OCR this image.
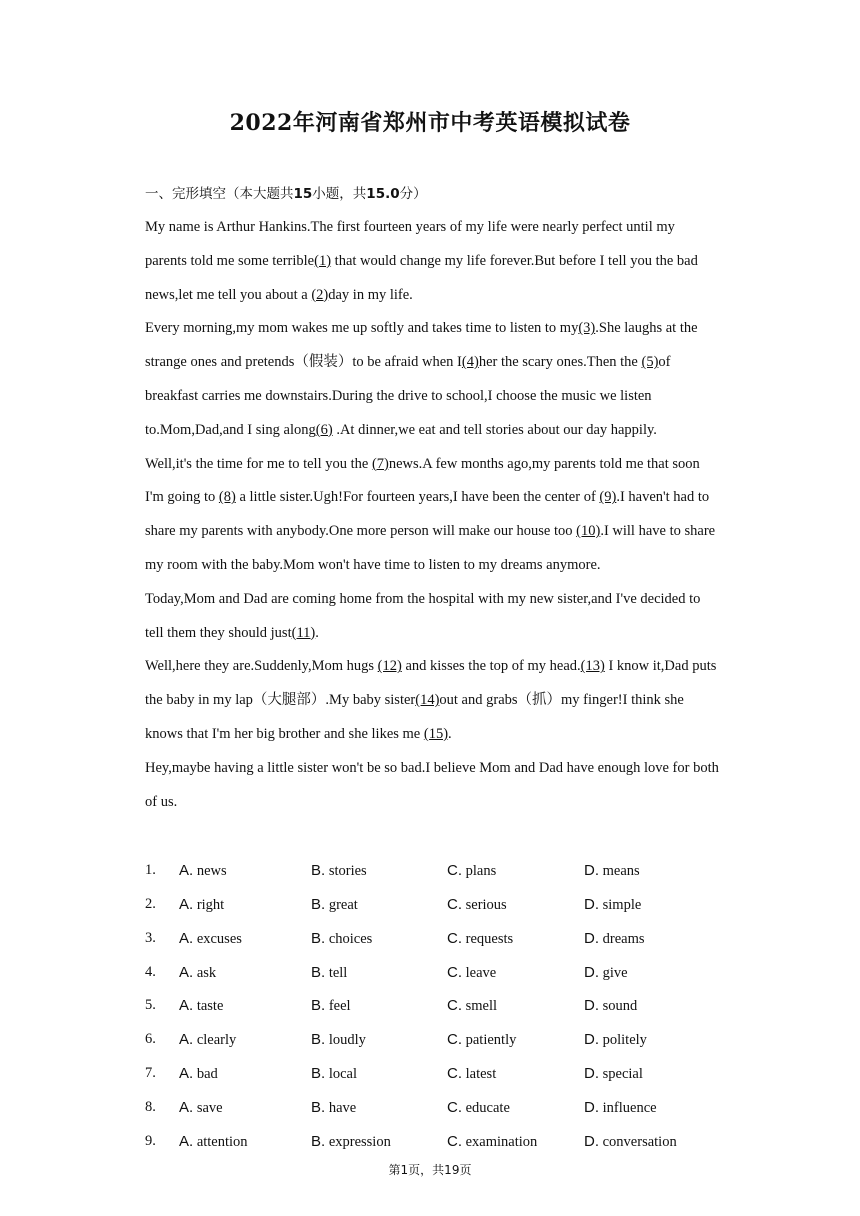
2022年河南省郑州市中考英语模拟试卷
一、完形填空（本大题共15小题，共15.0分）

My name is Arthur Hankins.The first fourteen years of my life were nearly perfect until my parents told me some terrible(1) that would change my life forever.But before I tell you the bad news,let me tell you about a (2)day in my life.

Every morning,my mom wakes me up softly and takes time to listen to my(3).She laughs at the strange ones and pretends（假装）to be afraid when I(4)her the scary ones.Then the (5)of breakfast carries me downstairs.During the drive to school,I choose the music we listen to.Mom,Dad,and I sing along(6) .At dinner,we eat and tell stories about our day happily.

Well,it's the time for me to tell you the (7)news.A few months ago,my parents told me that soon I'm going to (8) a little sister.Ugh!For fourteen years,I have been the center of (9).I haven't had to share my parents with anybody.One more person will make our house too (10).I will have to share my room with the baby.Mom won't have time to listen to my dreams anymore.

Today,Mom and Dad are coming home from the hospital with my new sister,and I've decided to tell them they should just(11).

Well,here they are.Suddenly,Mom hugs (12) and kisses the top of my head.(13) I know it,Dad puts the baby in my lap（大腿部）.My baby sister(14)out and grabs（抓）my finger!I think she knows that I'm her big brother and she likes me (15).

Hey,maybe having a little sister won't be so bad.I believe Mom and Dad have enough love for both of us.

1. A. news	B. stories	C. plans	D. means
2. A. right	B. great	C. serious	D. simple
3. A. excuses	B. choices	C. requests	D. dreams
4. A. ask	B. tell	C. leave	D. give
5. A. taste	B. feel	C. smell	D. sound
6. A. clearly	B. loudly	C. patiently	D. politely
7. A. bad	B. local	C. latest	D. special
8. A. save	B. have	C. educate	D. influence
9. A. attention	B. expression	C. examination	D. conversation
第1页，共19页
